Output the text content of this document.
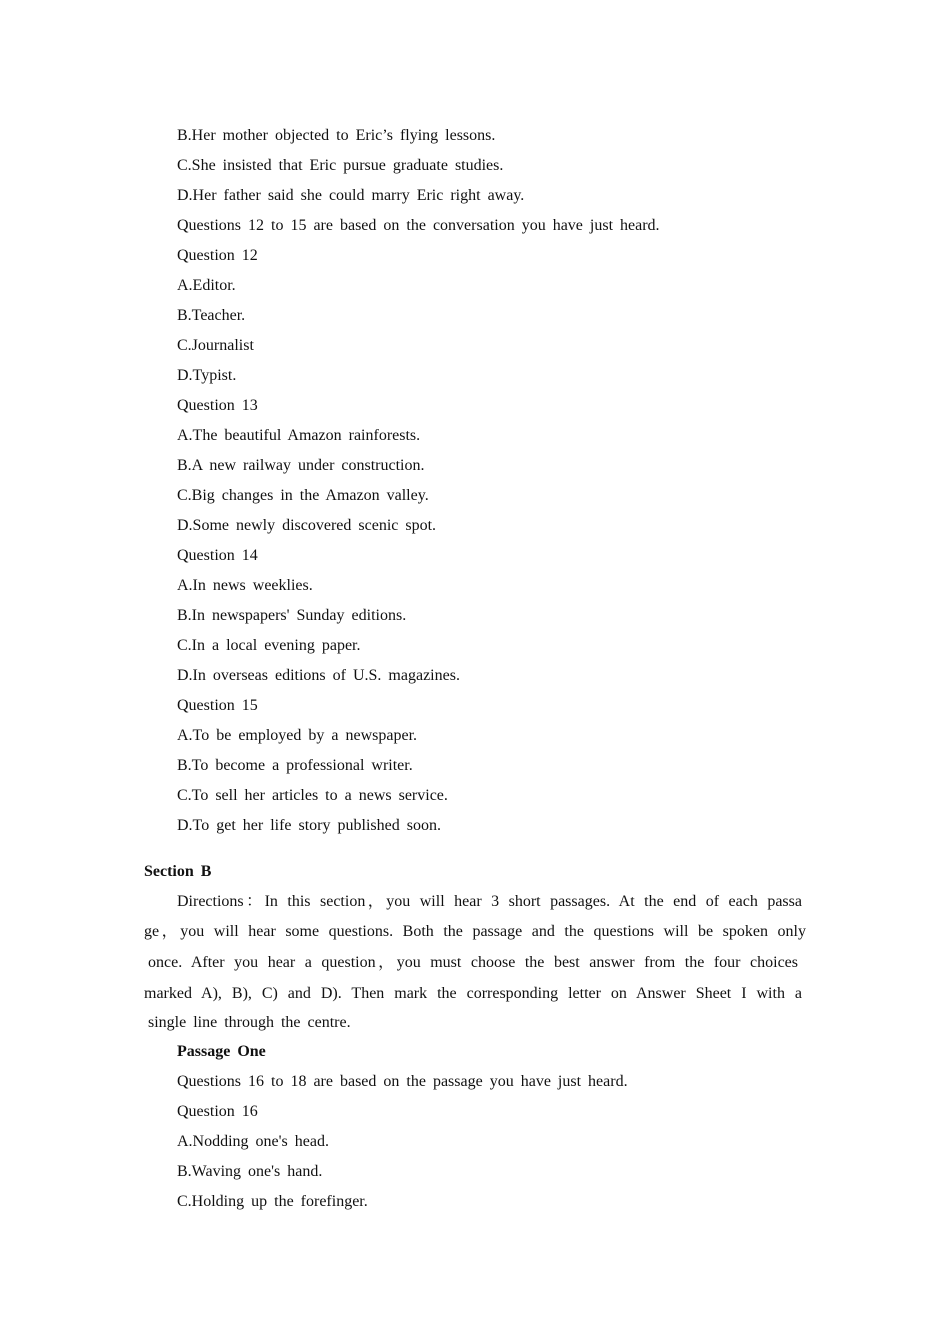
B.Her mother objected to Eric’s flying lessons.
C.She insisted that Eric pursue graduate studies.
D.Her father said she could marry Eric right away.
Questions 12 to 15 are based on the conversation you have just heard.
Question 12
A.Editor.
B.Teacher.
C.Journalist
D.Typist.
Question 13
A.The beautiful Amazon rainforests.
B.A new railway under construction.
C.Big changes in the Amazon valley.
D.Some newly discovered scenic spot.
Question 14
A.In news weeklies.
B.In newspapers' Sunday editions.
C.In a local evening paper.
D.In overseas editions of U.S. magazines.
Question 15
A.To be employed by a newspaper.
B.To become a professional writer.
C.To sell her articles to a news service.
D.To get her life story published soon.
Section B
Directions：In this section，you will hear 3 short passages. At the end of each passa
ge，you will hear some questions. Both the passage and the questions will be spoken only
once. After you hear a question，you must choose the best answer from the four choices
marked A), B), C) and D). Then mark the corresponding letter on Answer Sheet I with a
single line through the centre.
Passage One
Questions 16 to 18 are based on the passage you have just heard.
Question 16
A.Nodding one's head.
B.Waving one's hand.
C.Holding up the forefinger.
